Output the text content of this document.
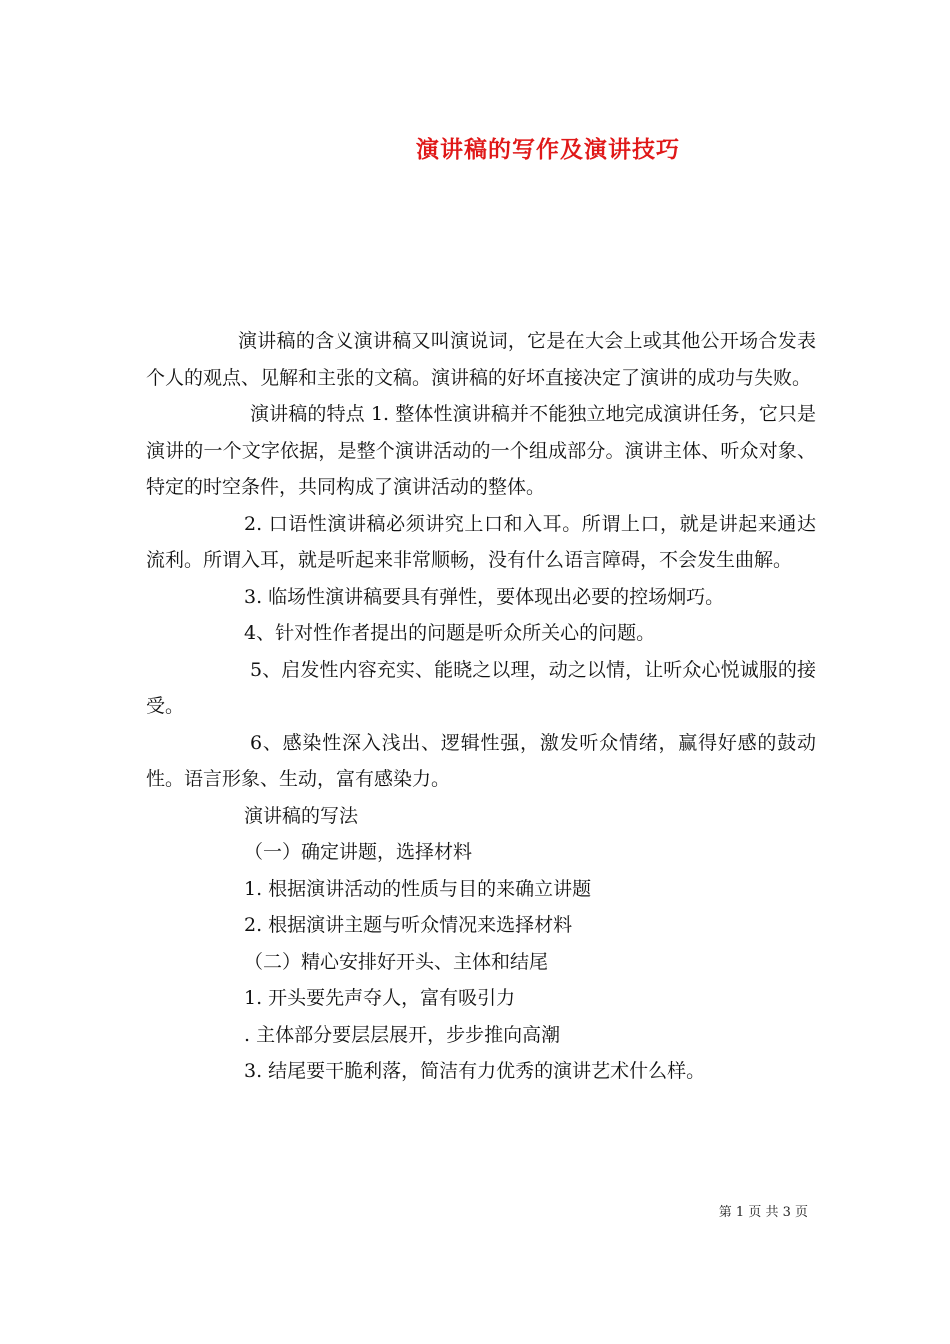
演讲稿的写作及演讲技巧

演讲稿的含义演讲稿又叫演说词，它是在大会上或其他公开场合发表个人的观点、见解和主张的文稿。演讲稿的好坏直接决定了演讲的成功与失败。

演讲稿的特点 1. 整体性演讲稿并不能独立地完成演讲任务，它只是演讲的一个文字依据，是整个演讲活动的一个组成部分。演讲主体、听众对象、特定的时空条件，共同构成了演讲活动的整体。

2. 口语性演讲稿必须讲究上口和入耳。所谓上口，就是讲起来通达流利。所谓入耳，就是听起来非常顺畅，没有什么语言障碍，不会发生曲解。

3. 临场性演讲稿要具有弹性，要体现出必要的控场炯巧。

4、针对性作者提出的问题是听众所关心的问题。

5、启发性内容充实、能晓之以理，动之以情，让听众心悦诚服的接受。

6、感染性深入浅出、逻辑性强，激发听众情绪，赢得好感的鼓动性。语言形象、生动，富有感染力。

演讲稿的写法
（一）确定讲题，选择材料
1. 根据演讲活动的性质与目的来确立讲题
2. 根据演讲主题与听众情况来选择材料
（二）精心安排好开头、主体和结尾
1. 开头要先声夺人，富有吸引力
. 主体部分要层层展开，步步推向高潮
3. 结尾要干脆利落，简洁有力优秀的演讲艺术什么样。
第 1 页 共 3 页
